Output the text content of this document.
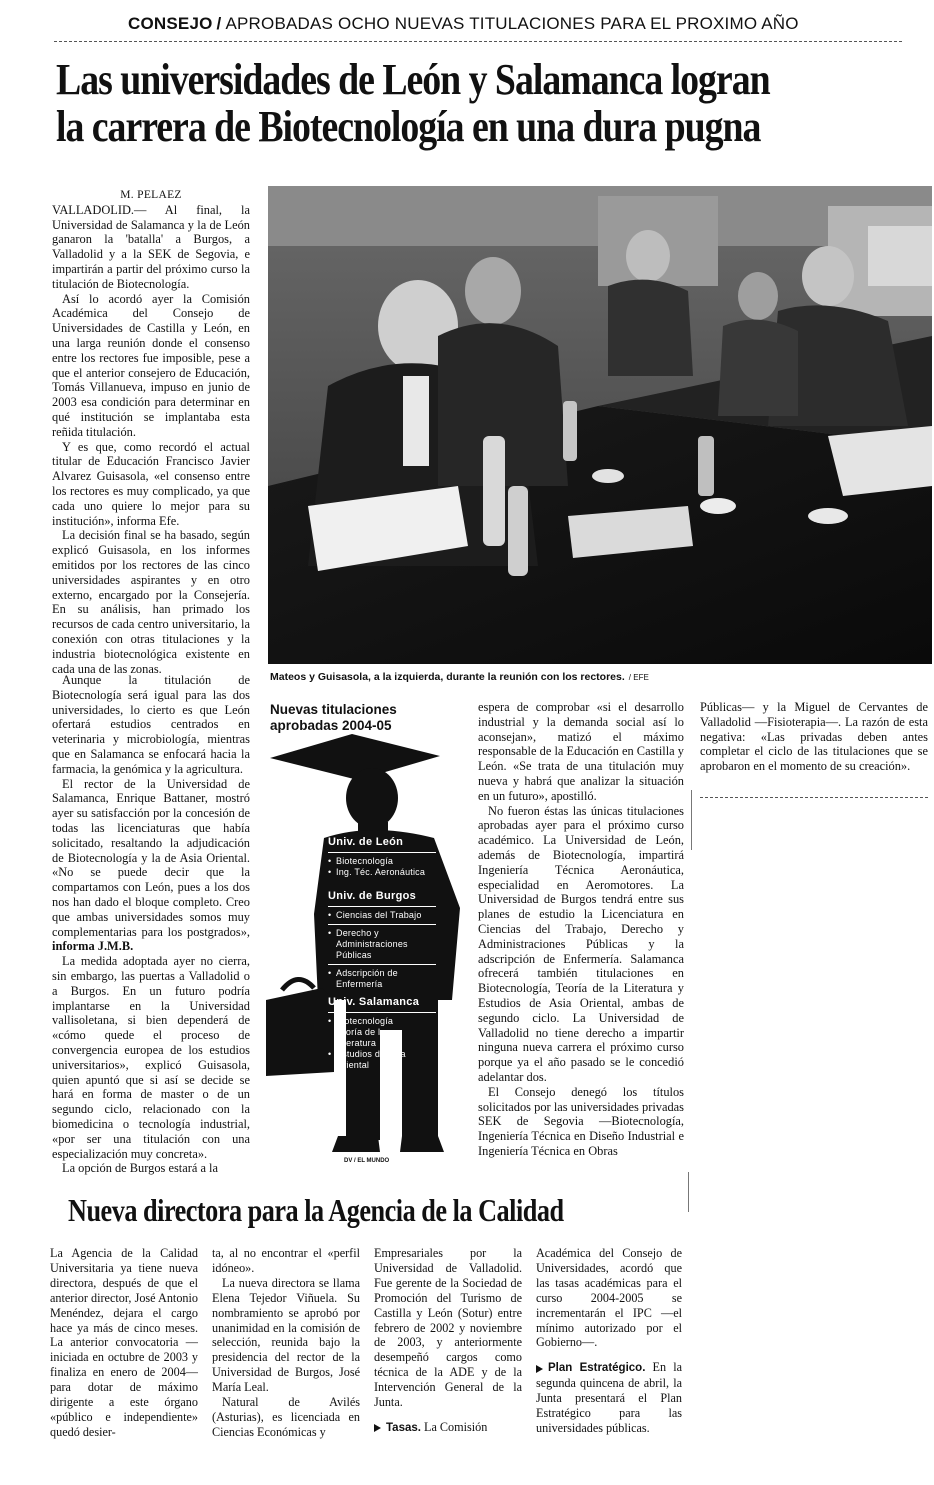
CONSEJO / APROBADAS OCHO NUEVAS TITULACIONES PARA EL PROXIMO AÑO
Las universidades de León y Salamanca logran
la carrera de Biotecnología en una dura pugna

M. PELAEZ

VALLADOLID.— Al final, la Universidad de Salamanca y la de León ganaron la 'batalla' a Burgos, a Valladolid y a la SEK de Segovia, e impartirán a partir del próximo curso la titulación de Biotecnología.

Así lo acordó ayer la Comisión Académica del Consejo de Universidades de Castilla y León, en una larga reunión donde el consenso entre los rectores fue imposible, pese a que el anterior consejero de Educación, Tomás Villanueva, impuso en junio de 2003 esa condición para determinar en qué institución se implantaba esta reñida titulación.

Y es que, como recordó el actual titular de Educación Francisco Javier Alvarez Guisasola, «el consenso entre los rectores es muy complicado, ya que cada uno quiere lo mejor para su institución», informa Efe.

La decisión final se ha basado, según explicó Guisasola, en los informes emitidos por los rectores de las cinco universidades aspirantes y en otro externo, encargado por la Consejería. En su análisis, han primado los recursos de cada centro universitario, la conexión con otras titulaciones y la industria biotecnológica existente en cada una de las zonas.

Aunque la titulación de Biotecnología será igual para las dos universidades, lo cierto es que León ofertará estudios centrados en veterinaria y microbiología, mientras que en Salamanca se enfocará hacia la farmacia, la genómica y la agricultura.

El rector de la Universidad de Salamanca, Enrique Battaner, mostró ayer su satisfacción por la concesión de todas las licenciaturas que había solicitado, resaltando la adjudicación de Biotecnología y la de Asia Oriental. «No se puede decir que la compartamos con León, pues a los dos nos han dado el bloque completo. Creo que ambas universidades somos muy complementarias para los postgrados», informa J.M.B.

La medida adoptada ayer no cierra, sin embargo, las puertas a Valladolid o a Burgos. En un futuro podría implantarse en la Universidad vallisoletana, si bien dependerá de «cómo quede el proceso de convergencia europea de los estudios universitarios», explicó Guisasola, quien apuntó que si así se decide se hará en forma de master o de un segundo ciclo, relacionado con la biomedicina o tecnología industrial, «por ser una titulación con una especialización muy concreta».

La opción de Burgos estará a la

Mateos y Guisasola, a la izquierda, durante la reunión con los rectores. / EFE
Nuevas titulaciones
aprobadas 2004-05
Univ. de León
• Biotecnología
• Ing. Téc. Aeronáutica
Univ. de Burgos
• Ciencias del Trabajo
• Derecho y Administraciones Públicas
• Adscripción de Enfermería
Univ. Salamanca
• Biotecnología Teoría de la Literatura
• Estudios de Asia Oriental
DV / EL MUNDO

espera de comprobar «si el desarrollo industrial y la demanda social así lo aconsejan», matizó el máximo responsable de la Educación en Castilla y León. «Se trata de una titulación muy nueva y habrá que analizar la situación en un futuro», apostilló.

No fueron éstas las únicas titulaciones aprobadas ayer para el próximo curso académico. La Universidad de León, además de Biotecnología, impartirá Ingeniería Técnica Aeronáutica, especialidad en Aeromotores. La Universidad de Burgos tendrá entre sus planes de estudio la Licenciatura en Ciencias del Trabajo, Derecho y Administraciones Públicas y la adscripción de Enfermería. Salamanca ofrecerá también titulaciones en Biotecnología, Teoría de la Literatura y Estudios de Asia Oriental, ambas de segundo ciclo. La Universidad de Valladolid no tiene derecho a impartir ninguna nueva carrera el próximo curso porque ya el año pasado se le concedió adelantar dos.

El Consejo denegó los títulos solicitados por las universidades privadas SEK de Segovia —Biotecnología, Ingeniería Técnica en Diseño Industrial e Ingeniería Técnica en Obras

Públicas— y la Miguel de Cervantes de Valladolid —Fisioterapia—. La razón de esta negativa: «Las privadas deben antes completar el ciclo de las titulaciones que se aprobaron en el momento de su creación».

Nueva directora para la Agencia de la Calidad

La Agencia de la Calidad Universitaria ya tiene nueva directora, después de que el anterior director, José Antonio Menéndez, dejara el cargo hace ya más de cinco meses. La anterior convocatoria —iniciada en octubre de 2003 y finaliza en enero de 2004— para dotar de máximo dirigente a este órgano «público e independiente» quedó desier-

ta, al no encontrar el «perfil idóneo».

La nueva directora se llama Elena Tejedor Viñuela. Su nombramiento se aprobó por unanimidad en la comisión de selección, reunida bajo la presidencia del rector de la Universidad de Burgos, José María Leal.

Natural de Avilés (Asturias), es licenciada en Ciencias Económicas y

Empresariales por la Universidad de Valladolid. Fue gerente de la Sociedad de Promoción del Turismo de Castilla y León (Sotur) entre febrero de 2002 y noviembre de 2003, y anteriormente desempeñó cargos como técnica de la ADE y de la Intervención General de la Junta.

Tasas. La Comisión

Académica del Consejo de Universidades, acordó que las tasas académicas para el curso 2004-2005 se incrementarán el IPC —el mínimo autorizado por el Gobierno—.

Plan Estratégico. En la segunda quincena de abril, la Junta presentará el Plan Estratégico para las universidades públicas.
